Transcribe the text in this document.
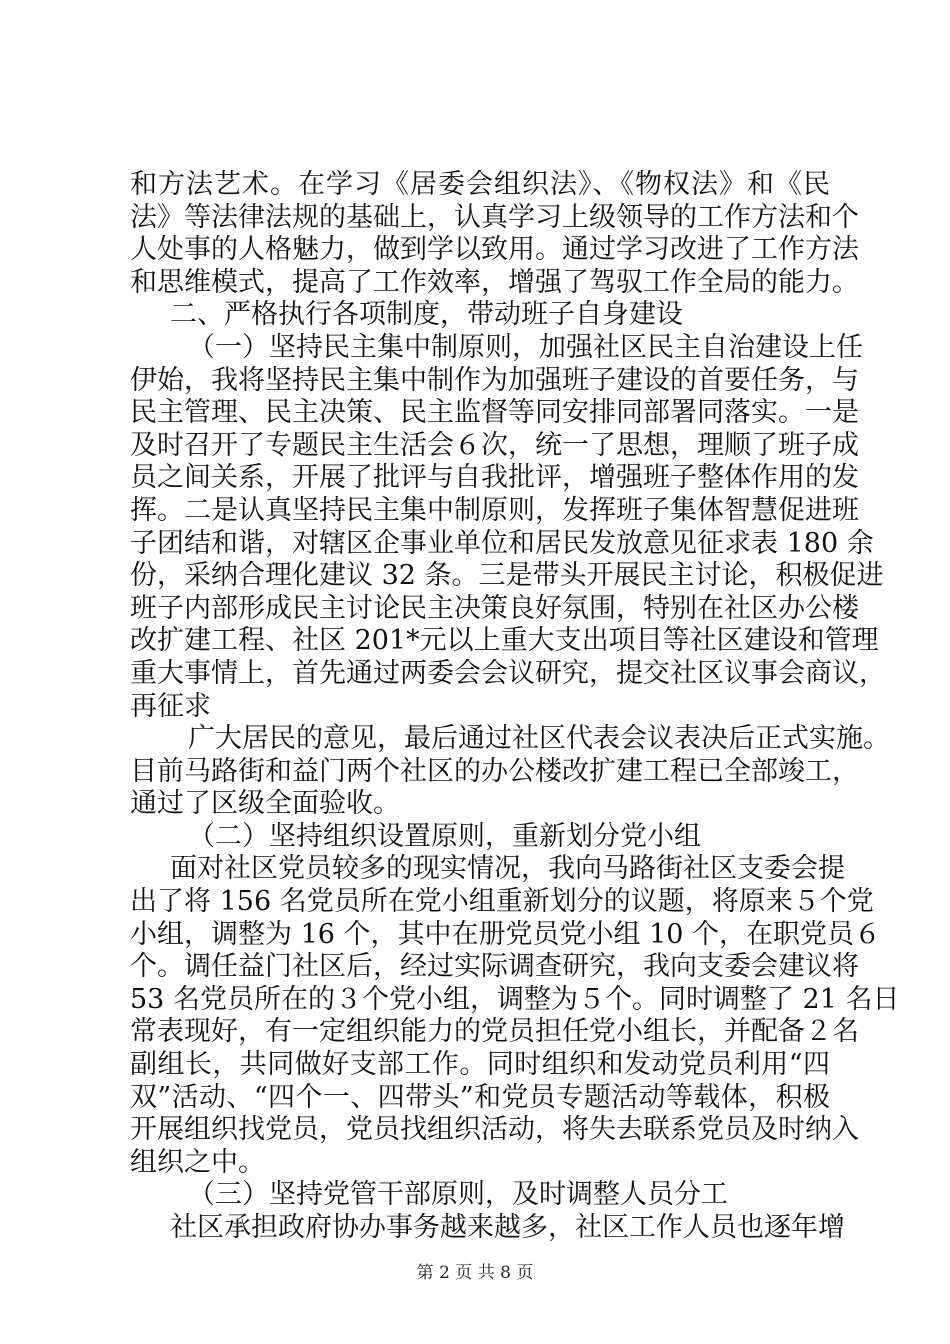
和方法艺术。在学习《居委会组织法》、《物权法》和《民
法》等法律法规的基础上，认真学习上级领导的工作方法和个
人处事的人格魅力，做到学以致用。通过学习改进了工作方法
和思维模式，提高了工作效率，增强了驾驭工作全局的能力。
二、严格执行各项制度，带动班子自身建设
（一）坚持民主集中制原则，加强社区民主自治建设上任
伊始，我将坚持民主集中制作为加强班子建设的首要任务，与
民主管理、民主决策、民主监督等同安排同部署同落实。一是
及时召开了专题民主生活会６次，统一了思想，理顺了班子成
员之间关系，开展了批评与自我批评，增强班子整体作用的发
挥。二是认真坚持民主集中制原则，发挥班子集体智慧促进班
子团结和谐，对辖区企事业单位和居民发放意见征求表 180 余
份，采纳合理化建议 32 条。三是带头开展民主讨论，积极促进
班子内部形成民主讨论民主决策良好氛围，特别在社区办公楼
改扩建工程、社区 201*元以上重大支出项目等社区建设和管理
重大事情上，首先通过两委会会议研究，提交社区议事会商议，
再征求
广大居民的意见，最后通过社区代表会议表决后正式实施。
目前马路街和益门两个社区的办公楼改扩建工程已全部竣工，
通过了区级全面验收。
（二）坚持组织设置原则，重新划分党小组
面对社区党员较多的现实情况，我向马路街社区支委会提
出了将 156 名党员所在党小组重新划分的议题，将原来５个党
小组，调整为 16 个，其中在册党员党小组 10 个，在职党员６
个。调任益门社区后，经过实际调查研究，我向支委会建议将
53 名党员所在的３个党小组，调整为５个。同时调整了 21 名日
常表现好，有一定组织能力的党员担任党小组长，并配备２名
副组长，共同做好支部工作。同时组织和发动党员利用“四
双”活动、“四个一、四带头”和党员专题活动等载体，积极
开展组织找党员，党员找组织活动，将失去联系党员及时纳入
组织之中。
（三）坚持党管干部原则，及时调整人员分工
社区承担政府协办事务越来越多，社区工作人员也逐年增
第 2 页 共 8 页
